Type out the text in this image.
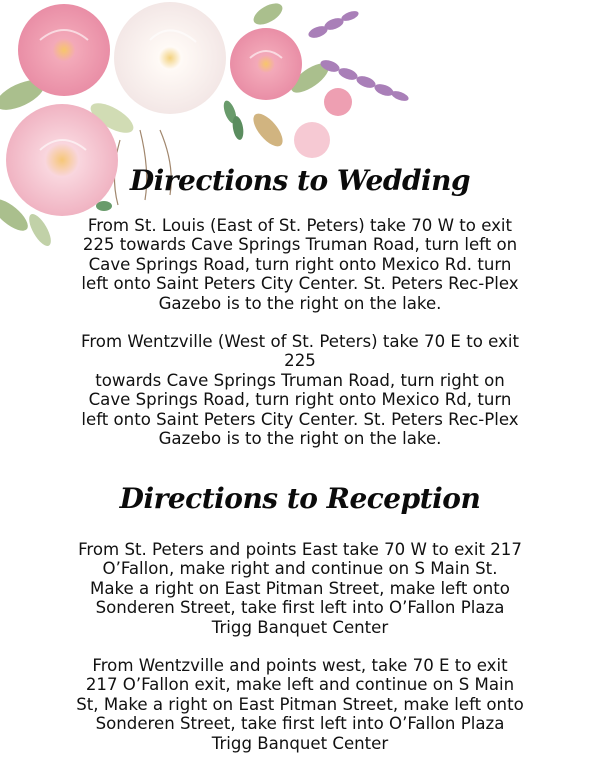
Directions to Wedding

From St. Louis (East of St. Peters) take 70 W to exit
225 towards Cave Springs Truman Road, turn left on
Cave Springs Road, turn right onto Mexico Rd. turn
left onto Saint Peters City Center. St. Peters Rec-Plex
Gazebo is to the right on the lake.

From Wentzville (West of St. Peters) take 70 E to exit
225
towards Cave Springs Truman Road, turn right on
Cave Springs Road, turn right onto Mexico Rd, turn
left onto Saint Peters City Center. St. Peters Rec-Plex
Gazebo is to the right on the lake.

Directions to Reception

From St. Peters and points East take 70 W to exit 217
O’Fallon, make right and continue on S Main St.
Make a right on East Pitman Street, make left onto
Sonderen Street, take first left into O’Fallon Plaza
Trigg Banquet Center

From Wentzville and points west, take 70 E to exit
217 O’Fallon exit, make left and continue on S Main
St, Make a right on East Pitman Street, make left onto
Sonderen Street, take first left into O’Fallon Plaza
Trigg Banquet Center
